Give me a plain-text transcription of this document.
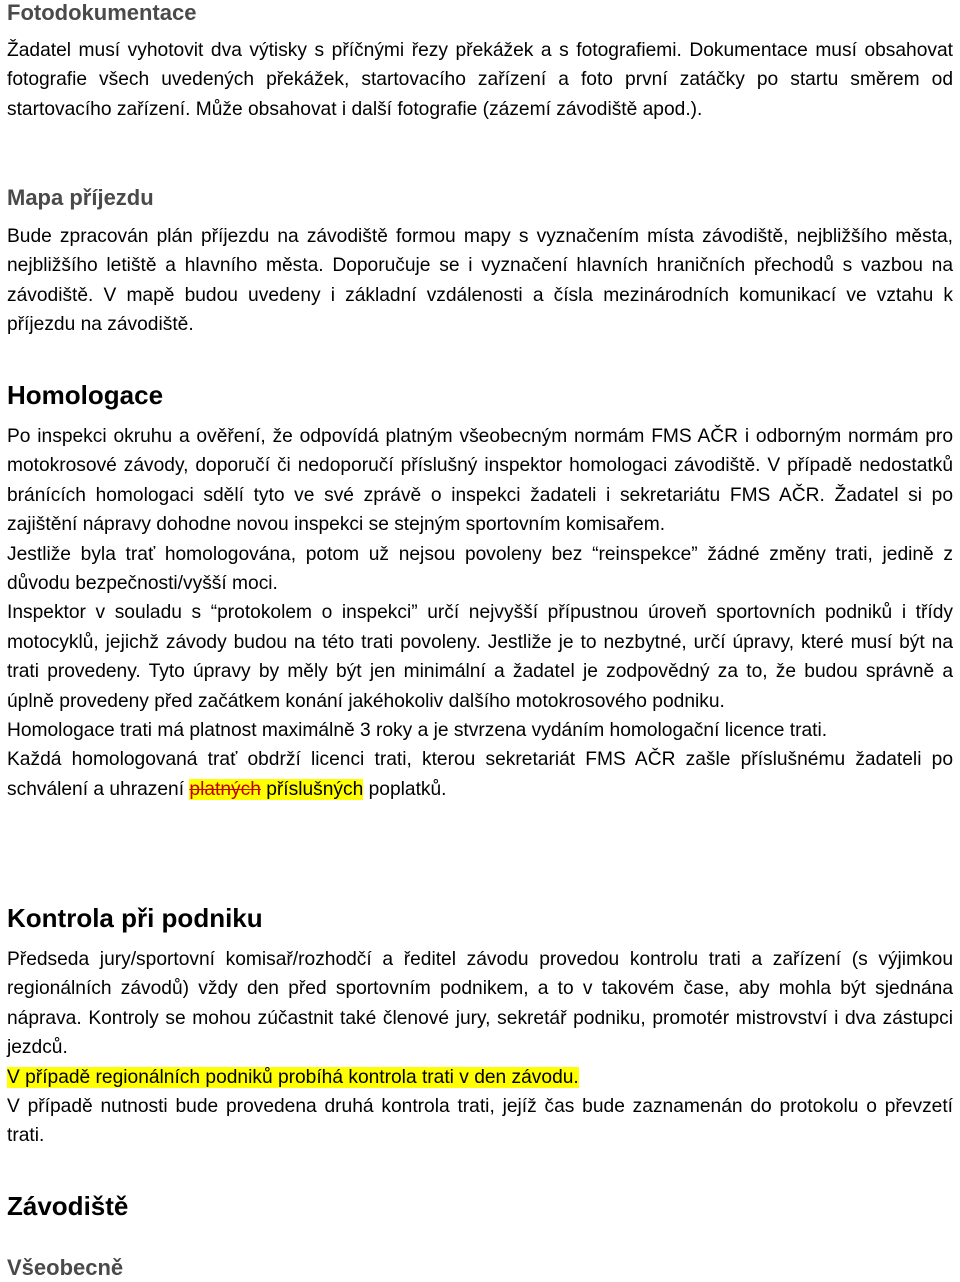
Fotodokumentace

Žadatel musí vyhotovit dva výtisky s příčnými řezy překážek a s fotografiemi. Dokumentace musí obsahovat fotografie všech uvedených překážek, startovacího zařízení a foto první zatáčky po startu směrem od startovacího zařízení. Může obsahovat i další fotografie (zázemí závodiště apod.).

Mapa příjezdu

Bude zpracován plán příjezdu na závodiště formou mapy s vyznačením místa závodiště, nejbližšího města, nejbližšího letiště a hlavního města. Doporučuje se i vyznačení hlavních hraničních přechodů s vazbou na závodiště. V mapě budou uvedeny i základní vzdálenosti a čísla mezinárodních komunikací ve vztahu k příjezdu na závodiště.

Homologace

Po inspekci okruhu a ověření, že odpovídá platným všeobecným normám FMS AČR i odborným normám pro motokrosové závody, doporučí či nedoporučí příslušný inspektor homologaci závodiště. V případě nedostatků bránících homologaci sdělí tyto ve své zprávě o inspekci žadateli i sekretariátu FMS AČR. Žadatel si po zajištění nápravy dohodne novou inspekci se stejným sportovním komisařem.

Jestliže byla trať homologována, potom už nejsou povoleny bez “reinspekce” žádné změny trati, jedině z důvodu bezpečnosti/vyšší moci.

Inspektor v souladu s “protokolem o inspekci” určí nejvyšší přípustnou úroveň sportovních podniků i třídy motocyklů, jejichž závody budou na této trati povoleny. Jestliže je to nezbytné, určí úpravy, které musí být na trati provedeny. Tyto úpravy by měly být jen minimální a žadatel je zodpovědný za to, že budou správně a úplně provedeny před začátkem konání jakéhokoliv dalšího motokrosového podniku.

Homologace trati má platnost maximálně 3 roky a je stvrzena vydáním homologační licence trati.

Každá homologovaná trať obdrží licenci trati, kterou sekretariát FMS AČR zašle příslušnému žadateli po schválení a uhrazení platných příslušných poplatků.

Kontrola při podniku

Předseda jury/sportovní komisař/rozhodčí a ředitel závodu provedou kontrolu trati a zařízení (s výjimkou regionálních závodů) vždy den před sportovním podnikem, a to v takovém čase, aby mohla být sjednána náprava. Kontroly se mohou zúčastnit také členové jury, sekretář podniku, promotér mistrovství i dva zástupci jezdců.

V případě regionálních podniků probíhá kontrola trati v den závodu.

V případě nutnosti bude provedena druhá kontrola trati, jejíž čas bude zaznamenán do protokolu o převzetí trati.

Závodiště
Všeobecně
